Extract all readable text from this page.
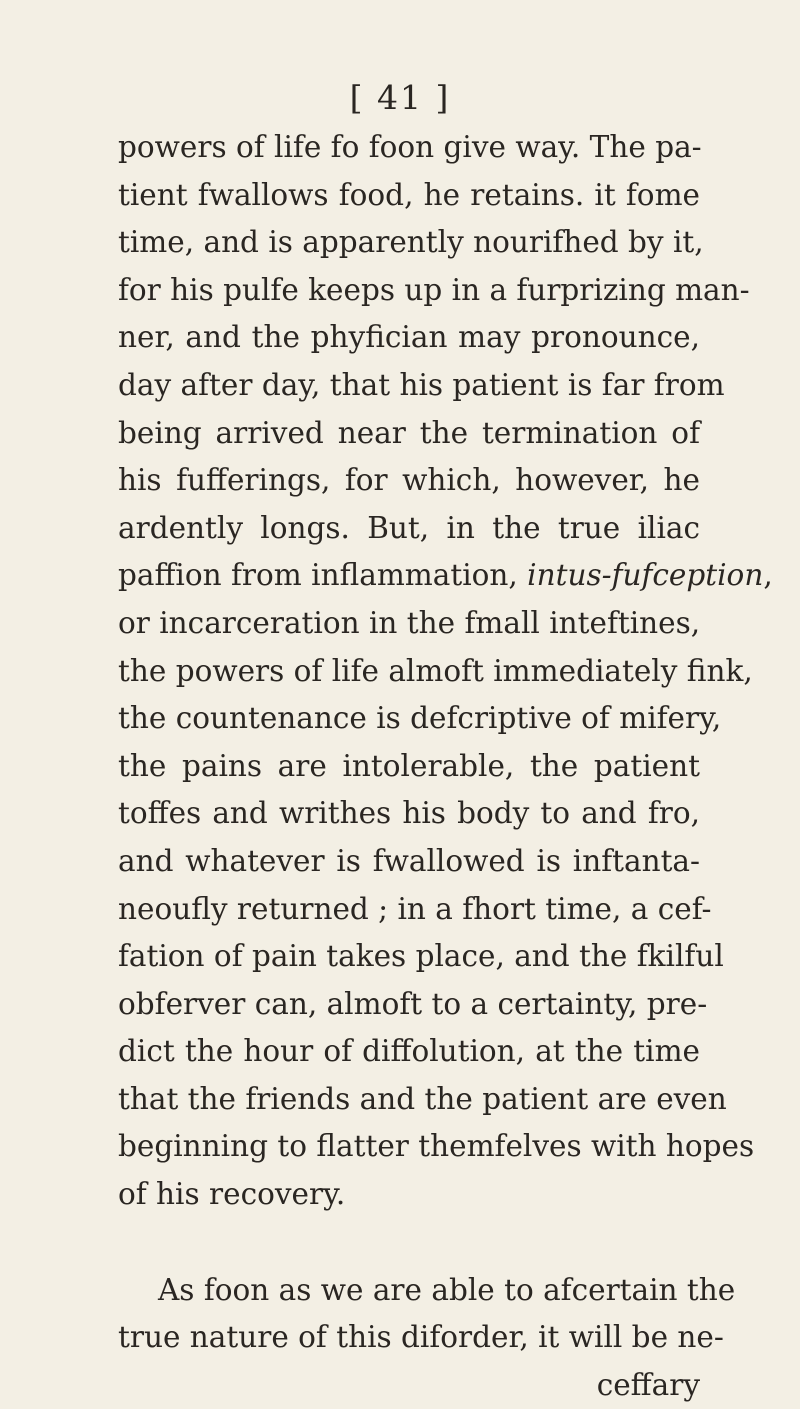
[ 41 ]
powers of life fo foon give way. The pa-
tient fwallows food, he retains. it fome
time, and is apparently nourifhed by it,
for his pulfe keeps up in a furprizing man-
ner, and the phyfician may pronounce,
day after day, that his patient is far from
being arrived near the termination of
his fufferings, for which, however, he
ardently longs. But, in the true iliac
paffion from inflammation, intus-fufception,
or incarceration in the fmall inteftines,
the powers of life almoft immediately fink,
the countenance is defcriptive of mifery,
the pains are intolerable, the patient
toffes and writhes his body to and fro,
and whatever is fwallowed is inftanta-
neoufly returned ; in a fhort time, a cef-
fation of pain takes place, and the fkilful
obferver can, almoft to a certainty, pre-
dict the hour of diffolution, at the time
that the friends and the patient are even
beginning to flatter themfelves with hopes
of his recovery.
As foon as we are able to afcertain the
true nature of this diforder, it will be ne-
ceffary
